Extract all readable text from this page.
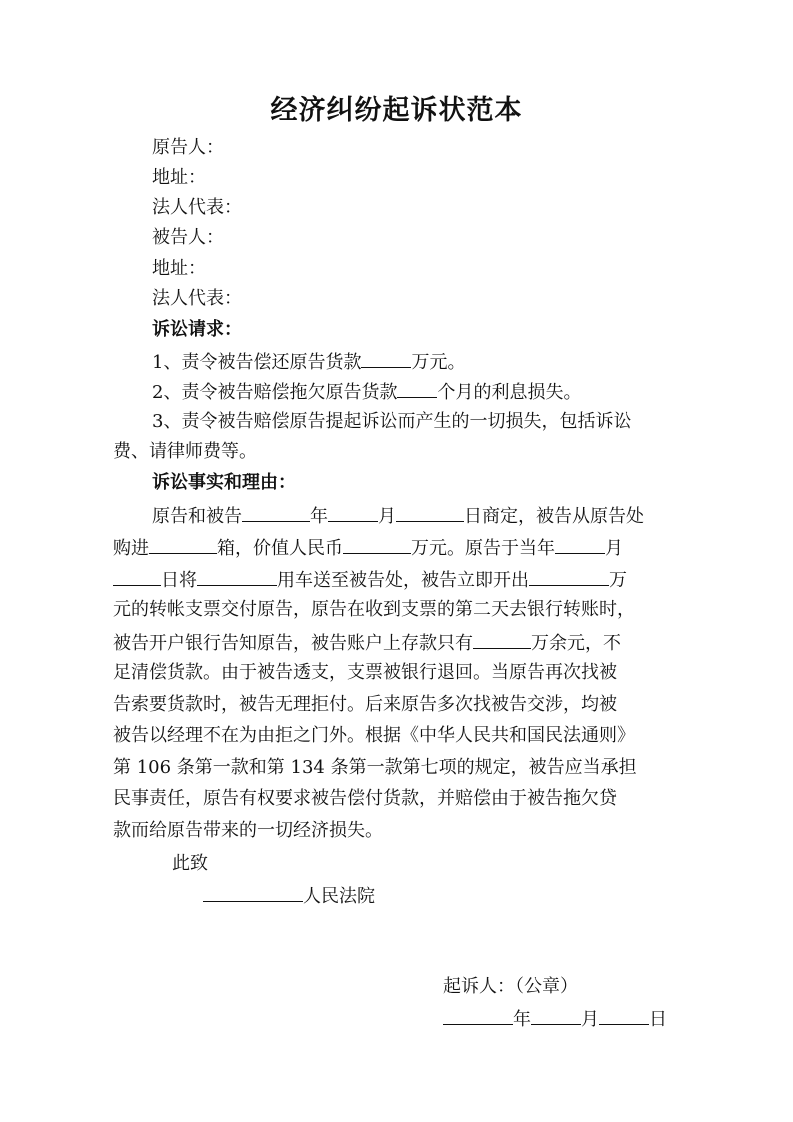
经济纠纷起诉状范本
原告人：
地址：
法人代表：
被告人：
地址：
法人代表：
诉讼请求：
1、责令被告偿还原告货款	万元。
2、责令被告赔偿拖欠原告货款 个月的利息损失。
3、责令被告赔偿原告提起诉讼而产生的一切损失，包括诉讼
费、请律师费等。
诉讼事实和理由：
原告和被告	年	月	日商定，被告从原告处
购进	箱，价值人民币	万元。原告于当年	月
日将	用车送至被告处，被告立即开出	万
元的转帐支票交付原告，原告在收到支票的第二天去银行转账时，
被告开户银行告知原告，被告账户上存款只有	万余元，不
足清偿货款。由于被告透支，支票被银行退回。当原告再次找被
告索要货款时，被告无理拒付。后来原告多次找被告交涉，均被
被告以经理不在为由拒之门外。根据《中华人民共和国民法通则》
第 106 条第一款和第 134 条第一款第七项的规定，被告应当承担
民事责任，原告有权要求被告偿付货款，并赔偿由于被告拖欠贷
款而给原告带来的一切经济损失。
此致
人民法院
起诉人：（公章）
年	月	日
